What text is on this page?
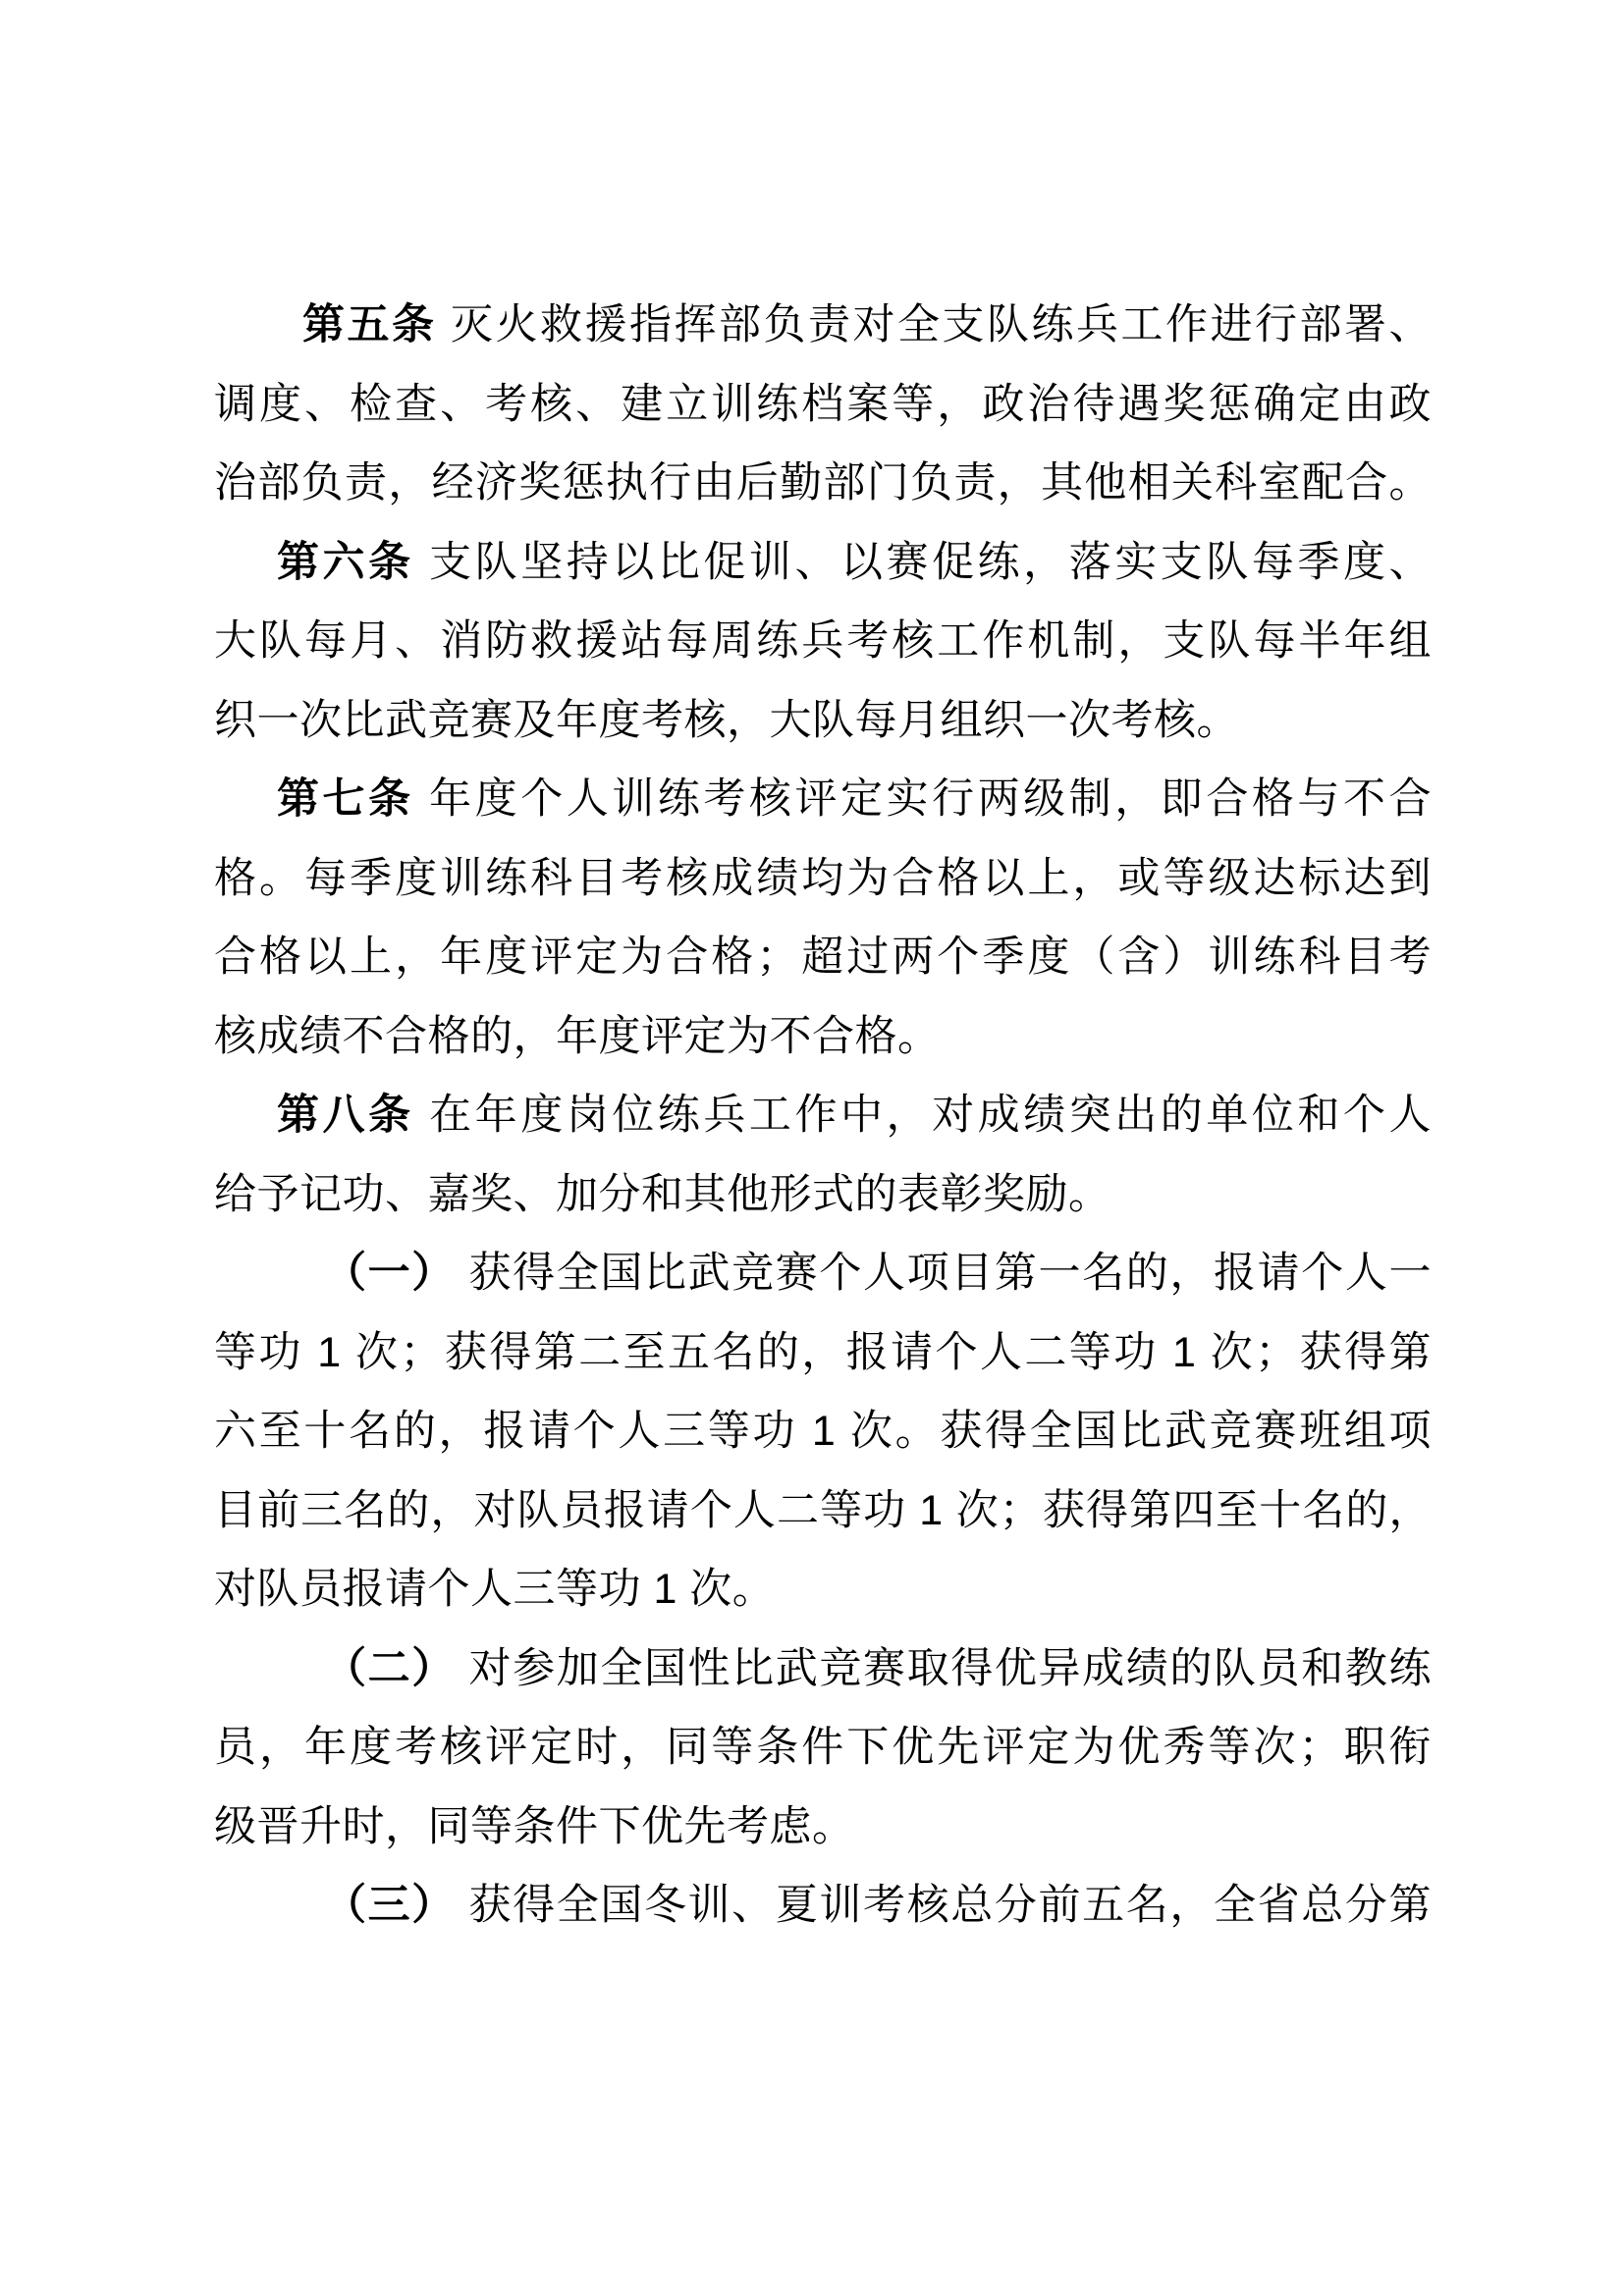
第五条 灭火救援指挥部负责对全支队练兵工作进行部署、
调度、检查、考核、建立训练档案等，政治待遇奖惩确定由政
治部负责，经济奖惩执行由后勤部门负责，其他相关科室配合。
第六条 支队坚持以比促训、以赛促练，落实支队每季度、
大队每月、消防救援站每周练兵考核工作机制，支队每半年组
织一次比武竞赛及年度考核，大队每月组织一次考核。
第七条 年度个人训练考核评定实行两级制，即合格与不合
格。每季度训练科目考核成绩均为合格以上，或等级达标达到
合格以上，年度评定为合格；超过两个季度（含）训练科目考
核成绩不合格的，年度评定为不合格。
第八条 在年度岗位练兵工作中，对成绩突出的单位和个人
给予记功、嘉奖、加分和其他形式的表彰奖励。
（一） 获得全国比武竞赛个人项目第一名的，报请个人一
等功 1 次；获得第二至五名的，报请个人二等功 1 次；获得第
六至十名的，报请个人三等功 1 次。获得全国比武竞赛班组项
目前三名的，对队员报请个人二等功 1 次；获得第四至十名的，
对队员报请个人三等功 1 次。
（二） 对参加全国性比武竞赛取得优异成绩的队员和教练
员，年度考核评定时，同等条件下优先评定为优秀等次；职衔
级晋升时，同等条件下优先考虑。
（三） 获得全国冬训、夏训考核总分前五名，全省总分第
